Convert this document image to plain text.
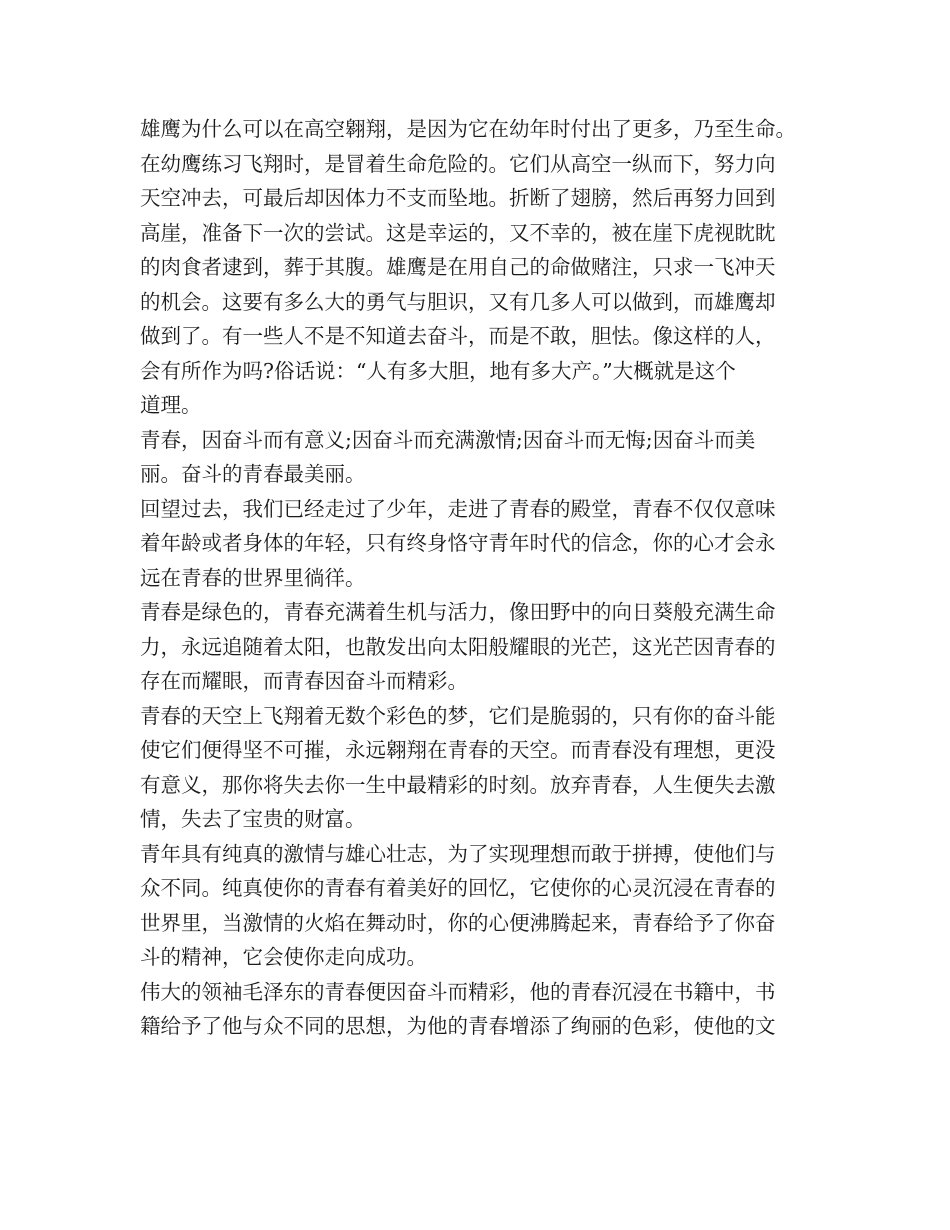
雄鹰为什么可以在高空翱翔，是因为它在幼年时付出了更多，乃至生命。
在幼鹰练习飞翔时，是冒着生命危险的。它们从高空一纵而下，努力向
天空冲去，可最后却因体力不支而坠地。折断了翅膀，然后再努力回到
高崖，准备下一次的尝试。这是幸运的，又不幸的，被在崖下虎视眈眈
的肉食者逮到，葬于其腹。雄鹰是在用自己的命做赌注，只求一飞冲天
的机会。这要有多么大的勇气与胆识，又有几多人可以做到，而雄鹰却
做到了。有一些人不是不知道去奋斗，而是不敢，胆怯。像这样的人，
会有所作为吗?俗话说：“人有多大胆，地有多大产。”大概就是这个
道理。
青春，因奋斗而有意义;因奋斗而充满激情;因奋斗而无悔;因奋斗而美
丽。奋斗的青春最美丽。
回望过去，我们已经走过了少年，走进了青春的殿堂，青春不仅仅意味
着年龄或者身体的年轻，只有终身恪守青年时代的信念，你的心才会永
远在青春的世界里徜徉。
青春是绿色的，青春充满着生机与活力，像田野中的向日葵般充满生命
力，永远追随着太阳，也散发出向太阳般耀眼的光芒，这光芒因青春的
存在而耀眼，而青春因奋斗而精彩。
青春的天空上飞翔着无数个彩色的梦，它们是脆弱的，只有你的奋斗能
使它们便得坚不可摧，永远翱翔在青春的天空。而青春没有理想，更没
有意义，那你将失去你一生中最精彩的时刻。放弃青春，人生便失去激
情，失去了宝贵的财富。
青年具有纯真的激情与雄心壮志，为了实现理想而敢于拼搏，使他们与
众不同。纯真使你的青春有着美好的回忆，它使你的心灵沉浸在青春的
世界里，当激情的火焰在舞动时，你的心便沸腾起来，青春给予了你奋
斗的精神，它会使你走向成功。
伟大的领袖毛泽东的青春便因奋斗而精彩，他的青春沉浸在书籍中，书
籍给予了他与众不同的思想，为他的青春增添了绚丽的色彩，使他的文
